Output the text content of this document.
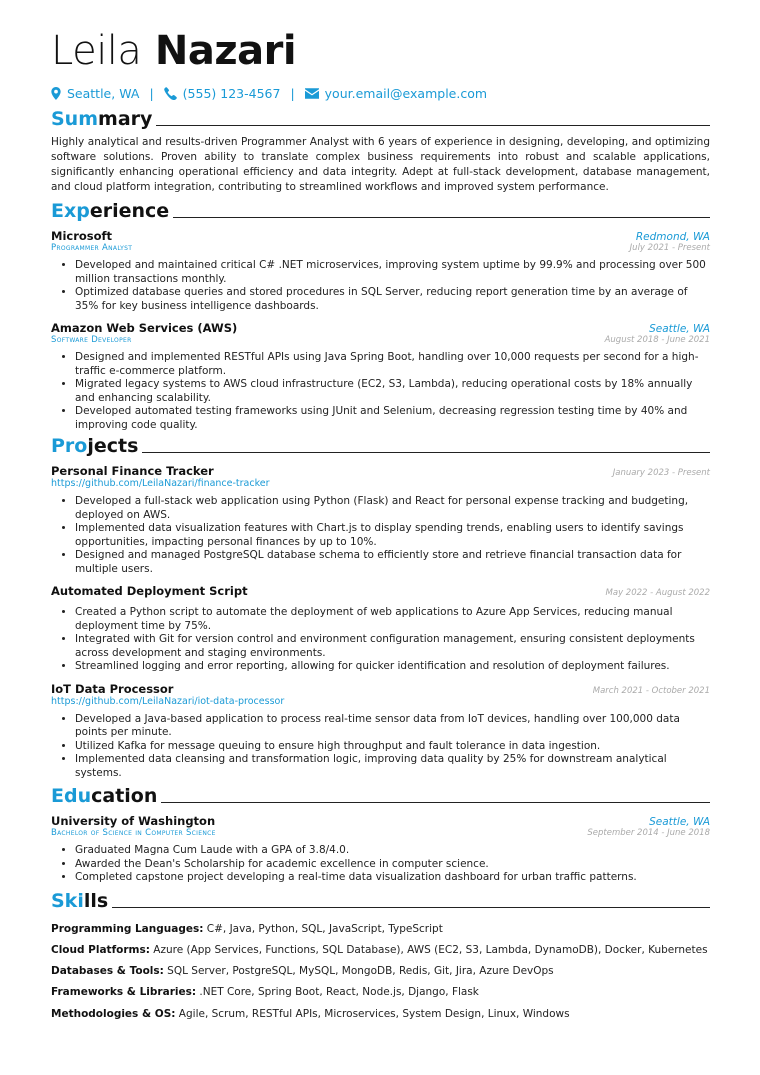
Leila Nazari
Seattle, WA | (555) 123-4567 | your.email@example.com
Summary
Highly analytical and results-driven Programmer Analyst with 6 years of experience in designing, developing, and optimizing software solutions. Proven ability to translate complex business requirements into robust and scalable applications, significantly enhancing operational efficiency and data integrity. Adept at full-stack development, database management, and cloud platform integration, contributing to streamlined workflows and improved system performance.
Experience
Microsoft	Redmond, WA
Programmer Analyst	July 2021 - Present
• Developed and maintained critical C# .NET microservices, improving system uptime by 99.9% and processing over 500 million transactions monthly.
• Optimized database queries and stored procedures in SQL Server, reducing report generation time by an average of 35% for key business intelligence dashboards.
Amazon Web Services (AWS)	Seattle, WA
Software Developer	August 2018 - June 2021
• Designed and implemented RESTful APIs using Java Spring Boot, handling over 10,000 requests per second for a high-traffic e-commerce platform.
• Migrated legacy systems to AWS cloud infrastructure (EC2, S3, Lambda), reducing operational costs by 18% annually and enhancing scalability.
• Developed automated testing frameworks using JUnit and Selenium, decreasing regression testing time by 40% and improving code quality.
Projects
Personal Finance Tracker	January 2023 - Present
https://github.com/LeilaNazari/finance-tracker
• Developed a full-stack web application using Python (Flask) and React for personal expense tracking and budgeting, deployed on AWS.
• Implemented data visualization features with Chart.js to display spending trends, enabling users to identify savings opportunities, impacting personal finances by up to 10%.
• Designed and managed PostgreSQL database schema to efficiently store and retrieve financial transaction data for multiple users.
Automated Deployment Script	May 2022 - August 2022
• Created a Python script to automate the deployment of web applications to Azure App Services, reducing manual deployment time by 75%.
• Integrated with Git for version control and environment configuration management, ensuring consistent deployments across development and staging environments.
• Streamlined logging and error reporting, allowing for quicker identification and resolution of deployment failures.
IoT Data Processor	March 2021 - October 2021
https://github.com/LeilaNazari/iot-data-processor
• Developed a Java-based application to process real-time sensor data from IoT devices, handling over 100,000 data points per minute.
• Utilized Kafka for message queuing to ensure high throughput and fault tolerance in data ingestion.
• Implemented data cleansing and transformation logic, improving data quality by 25% for downstream analytical systems.
Education
University of Washington	Seattle, WA
Bachelor of Science in Computer Science	September 2014 - June 2018
• Graduated Magna Cum Laude with a GPA of 3.8/4.0.
• Awarded the Dean's Scholarship for academic excellence in computer science.
• Completed capstone project developing a real-time data visualization dashboard for urban traffic patterns.
Skills
Programming Languages: C#, Java, Python, SQL, JavaScript, TypeScript
Cloud Platforms: Azure (App Services, Functions, SQL Database), AWS (EC2, S3, Lambda, DynamoDB), Docker, Kubernetes
Databases & Tools: SQL Server, PostgreSQL, MySQL, MongoDB, Redis, Git, Jira, Azure DevOps
Frameworks & Libraries: .NET Core, Spring Boot, React, Node.js, Django, Flask
Methodologies & OS: Agile, Scrum, RESTful APIs, Microservices, System Design, Linux, Windows
